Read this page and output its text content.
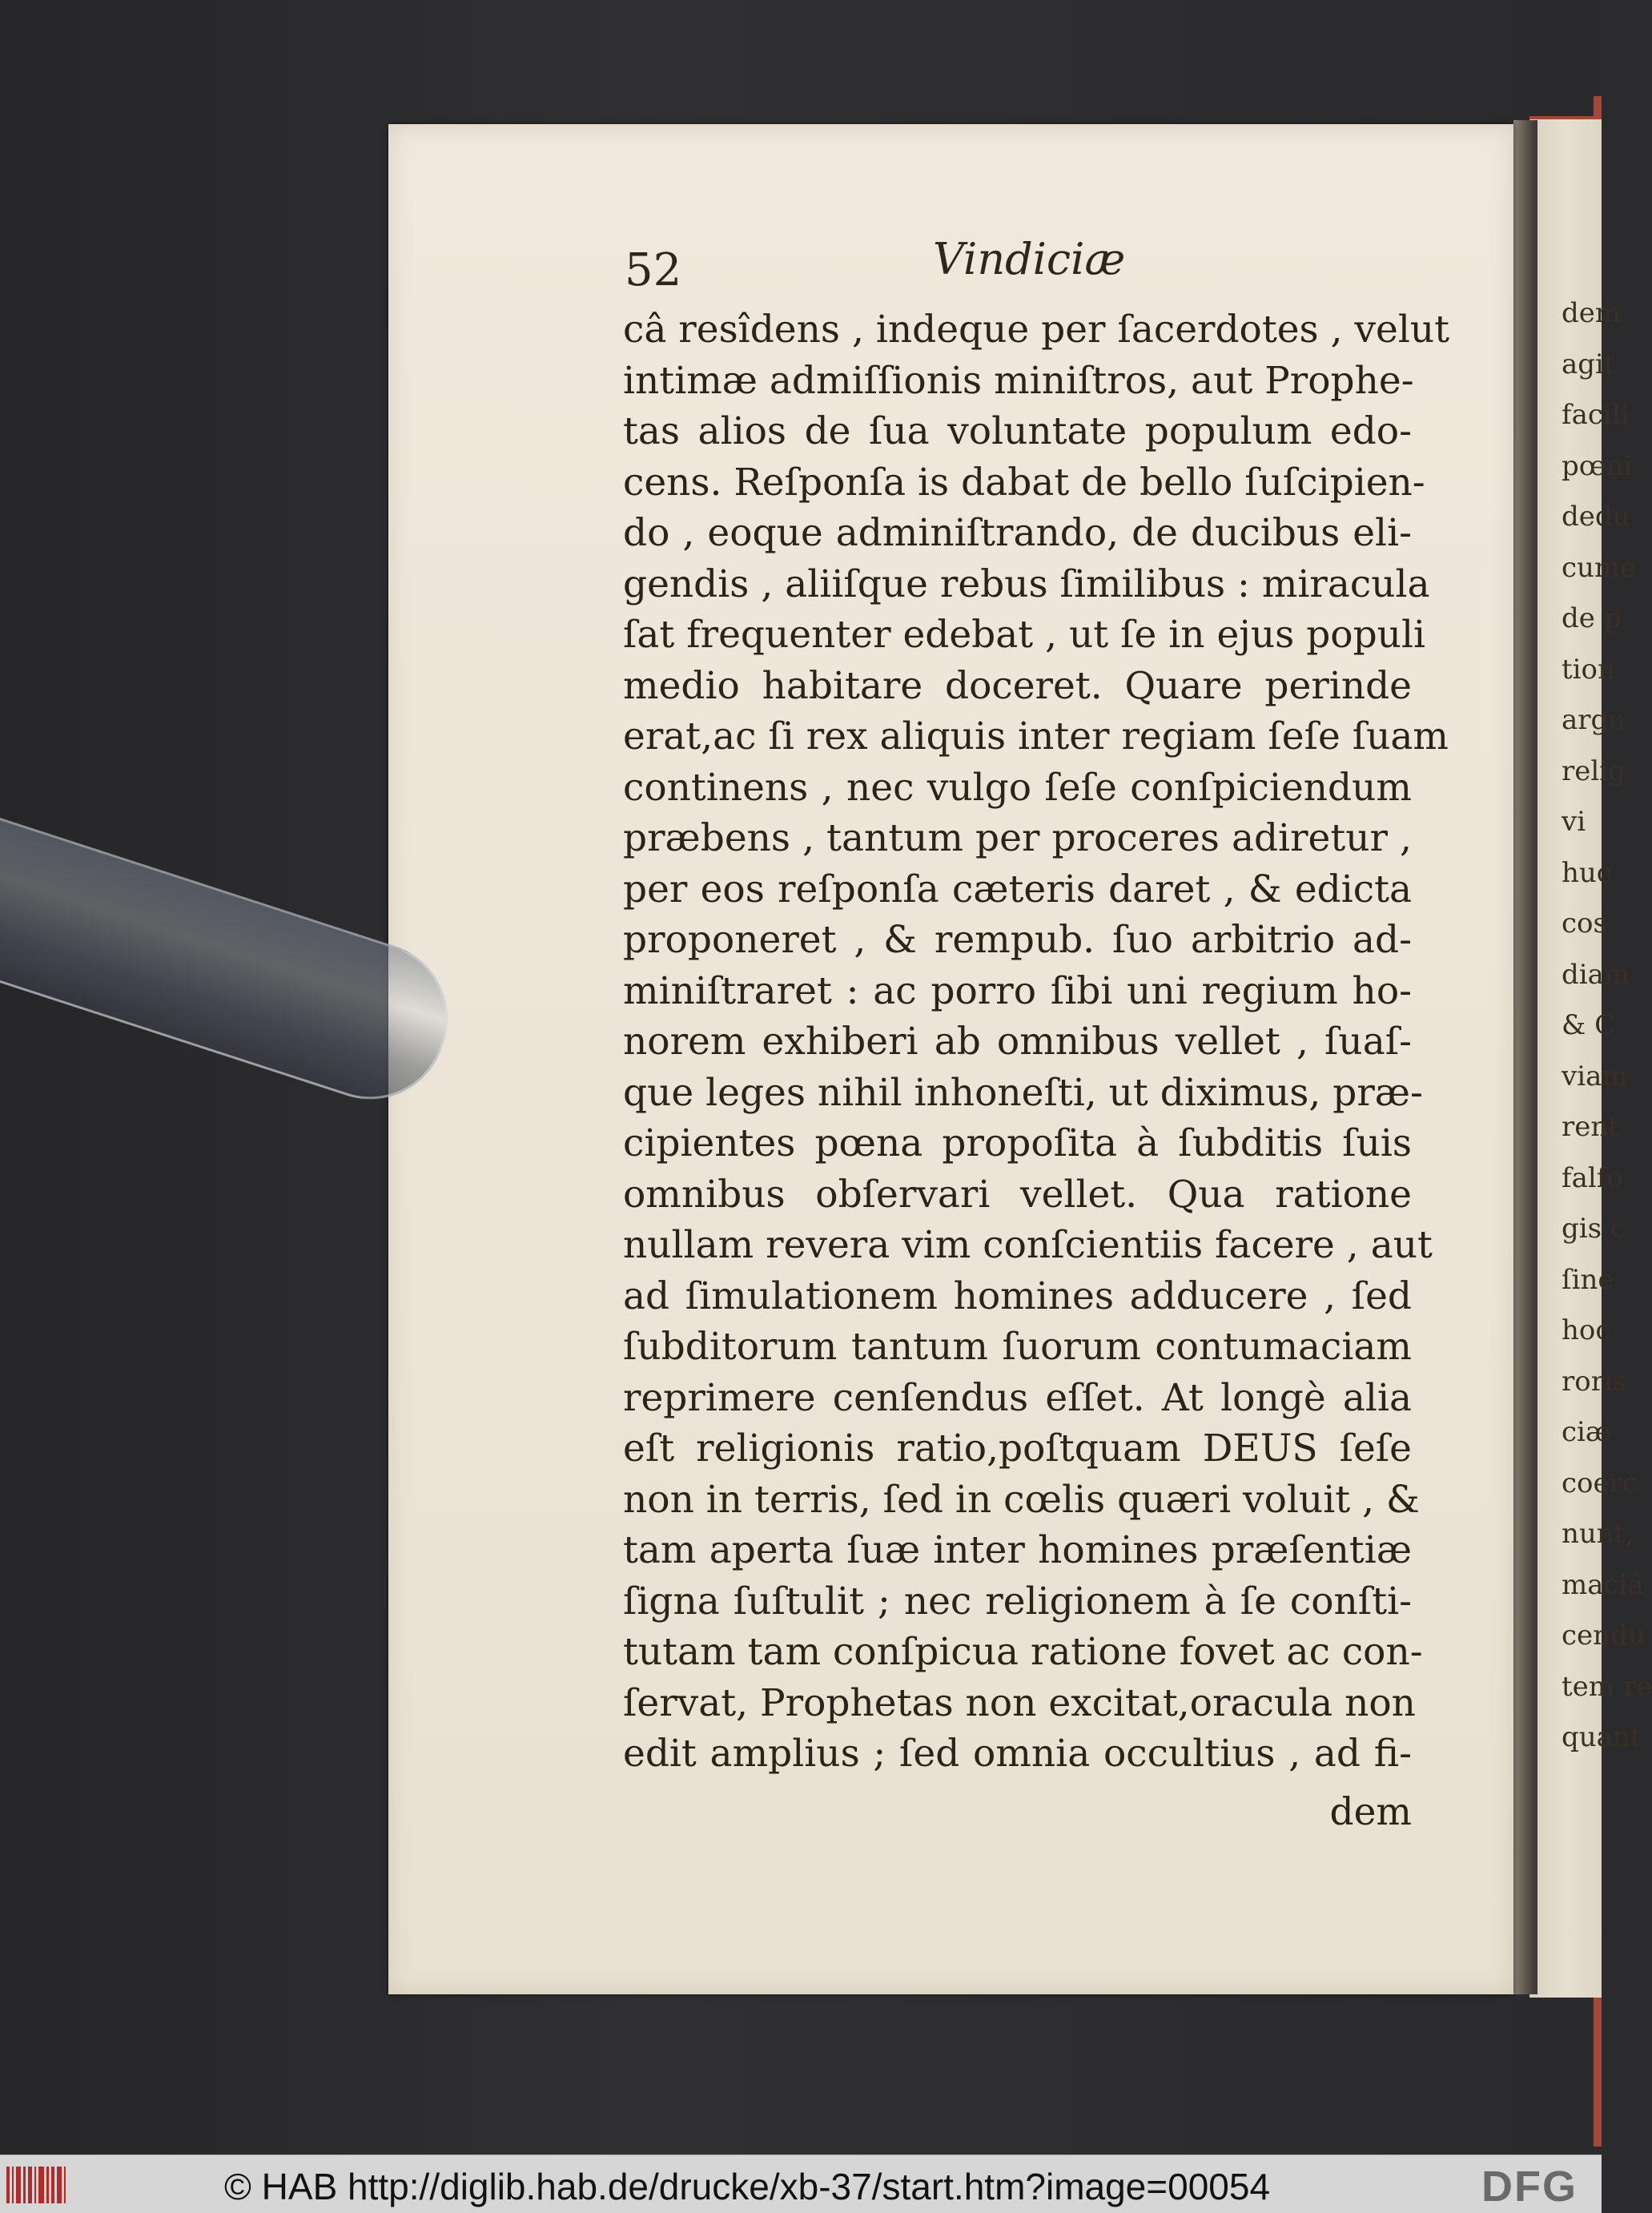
dem
agit
facili
pœni
dedu
cume
de p
tion
argu
relig
vi
huc
cos
diam
& C
viam
rent
falſo
gis c
ſine
hoc
roris
ciæ
coerc
nunt,
maciâ
cendu
tem re
quant
52	Vindiciæ
câ resîdens , indeque per ſacerdotes , velut
intimæ admiſſionis miniſtros, aut Prophe-
tas alios de ſua voluntate populum edo-
cens. Reſponſa is dabat de bello ſuſcipien-
do , eoque adminiſtrando, de ducibus eli-
gendis , aliiſque rebus ſimilibus : miracula
ſat frequenter edebat , ut ſe in ejus populi
medio habitare doceret. Quare perinde
erat,ac ſi rex aliquis inter regiam ſeſe ſuam
continens , nec vulgo ſeſe conſpiciendum
præbens , tantum per proceres adiretur ,
per eos reſponſa cæteris daret , & edicta
proponeret , & rempub. ſuo arbitrio ad-
miniſtraret : ac porro ſibi uni regium ho-
norem exhiberi ab omnibus vellet , ſuaſ-
que leges nihil inhoneſti, ut diximus, præ-
cipientes pœna propoſita à ſubditis ſuis
omnibus obſervari vellet. Qua ratione
nullam revera vim conſcientiis facere , aut
ad ſimulationem homines adducere , ſed
ſubditorum tantum ſuorum contumaciam
reprimere cenſendus eſſet. At longè alia
eſt religionis ratio,poſtquam DEUS ſeſe
non in terris, ſed in cœlis quæri voluit , &
tam aperta ſuæ inter homines præſentiæ
ſigna ſuſtulit ; nec religionem à ſe conſti-
tutam tam conſpicua ratione fovet ac con-
ſervat, Prophetas non excitat,oracula non
edit amplius ; ſed omnia occultius , ad fi-
dem
© HAB http://diglib.hab.de/drucke/xb-37/start.htm?image=00054	DFG
